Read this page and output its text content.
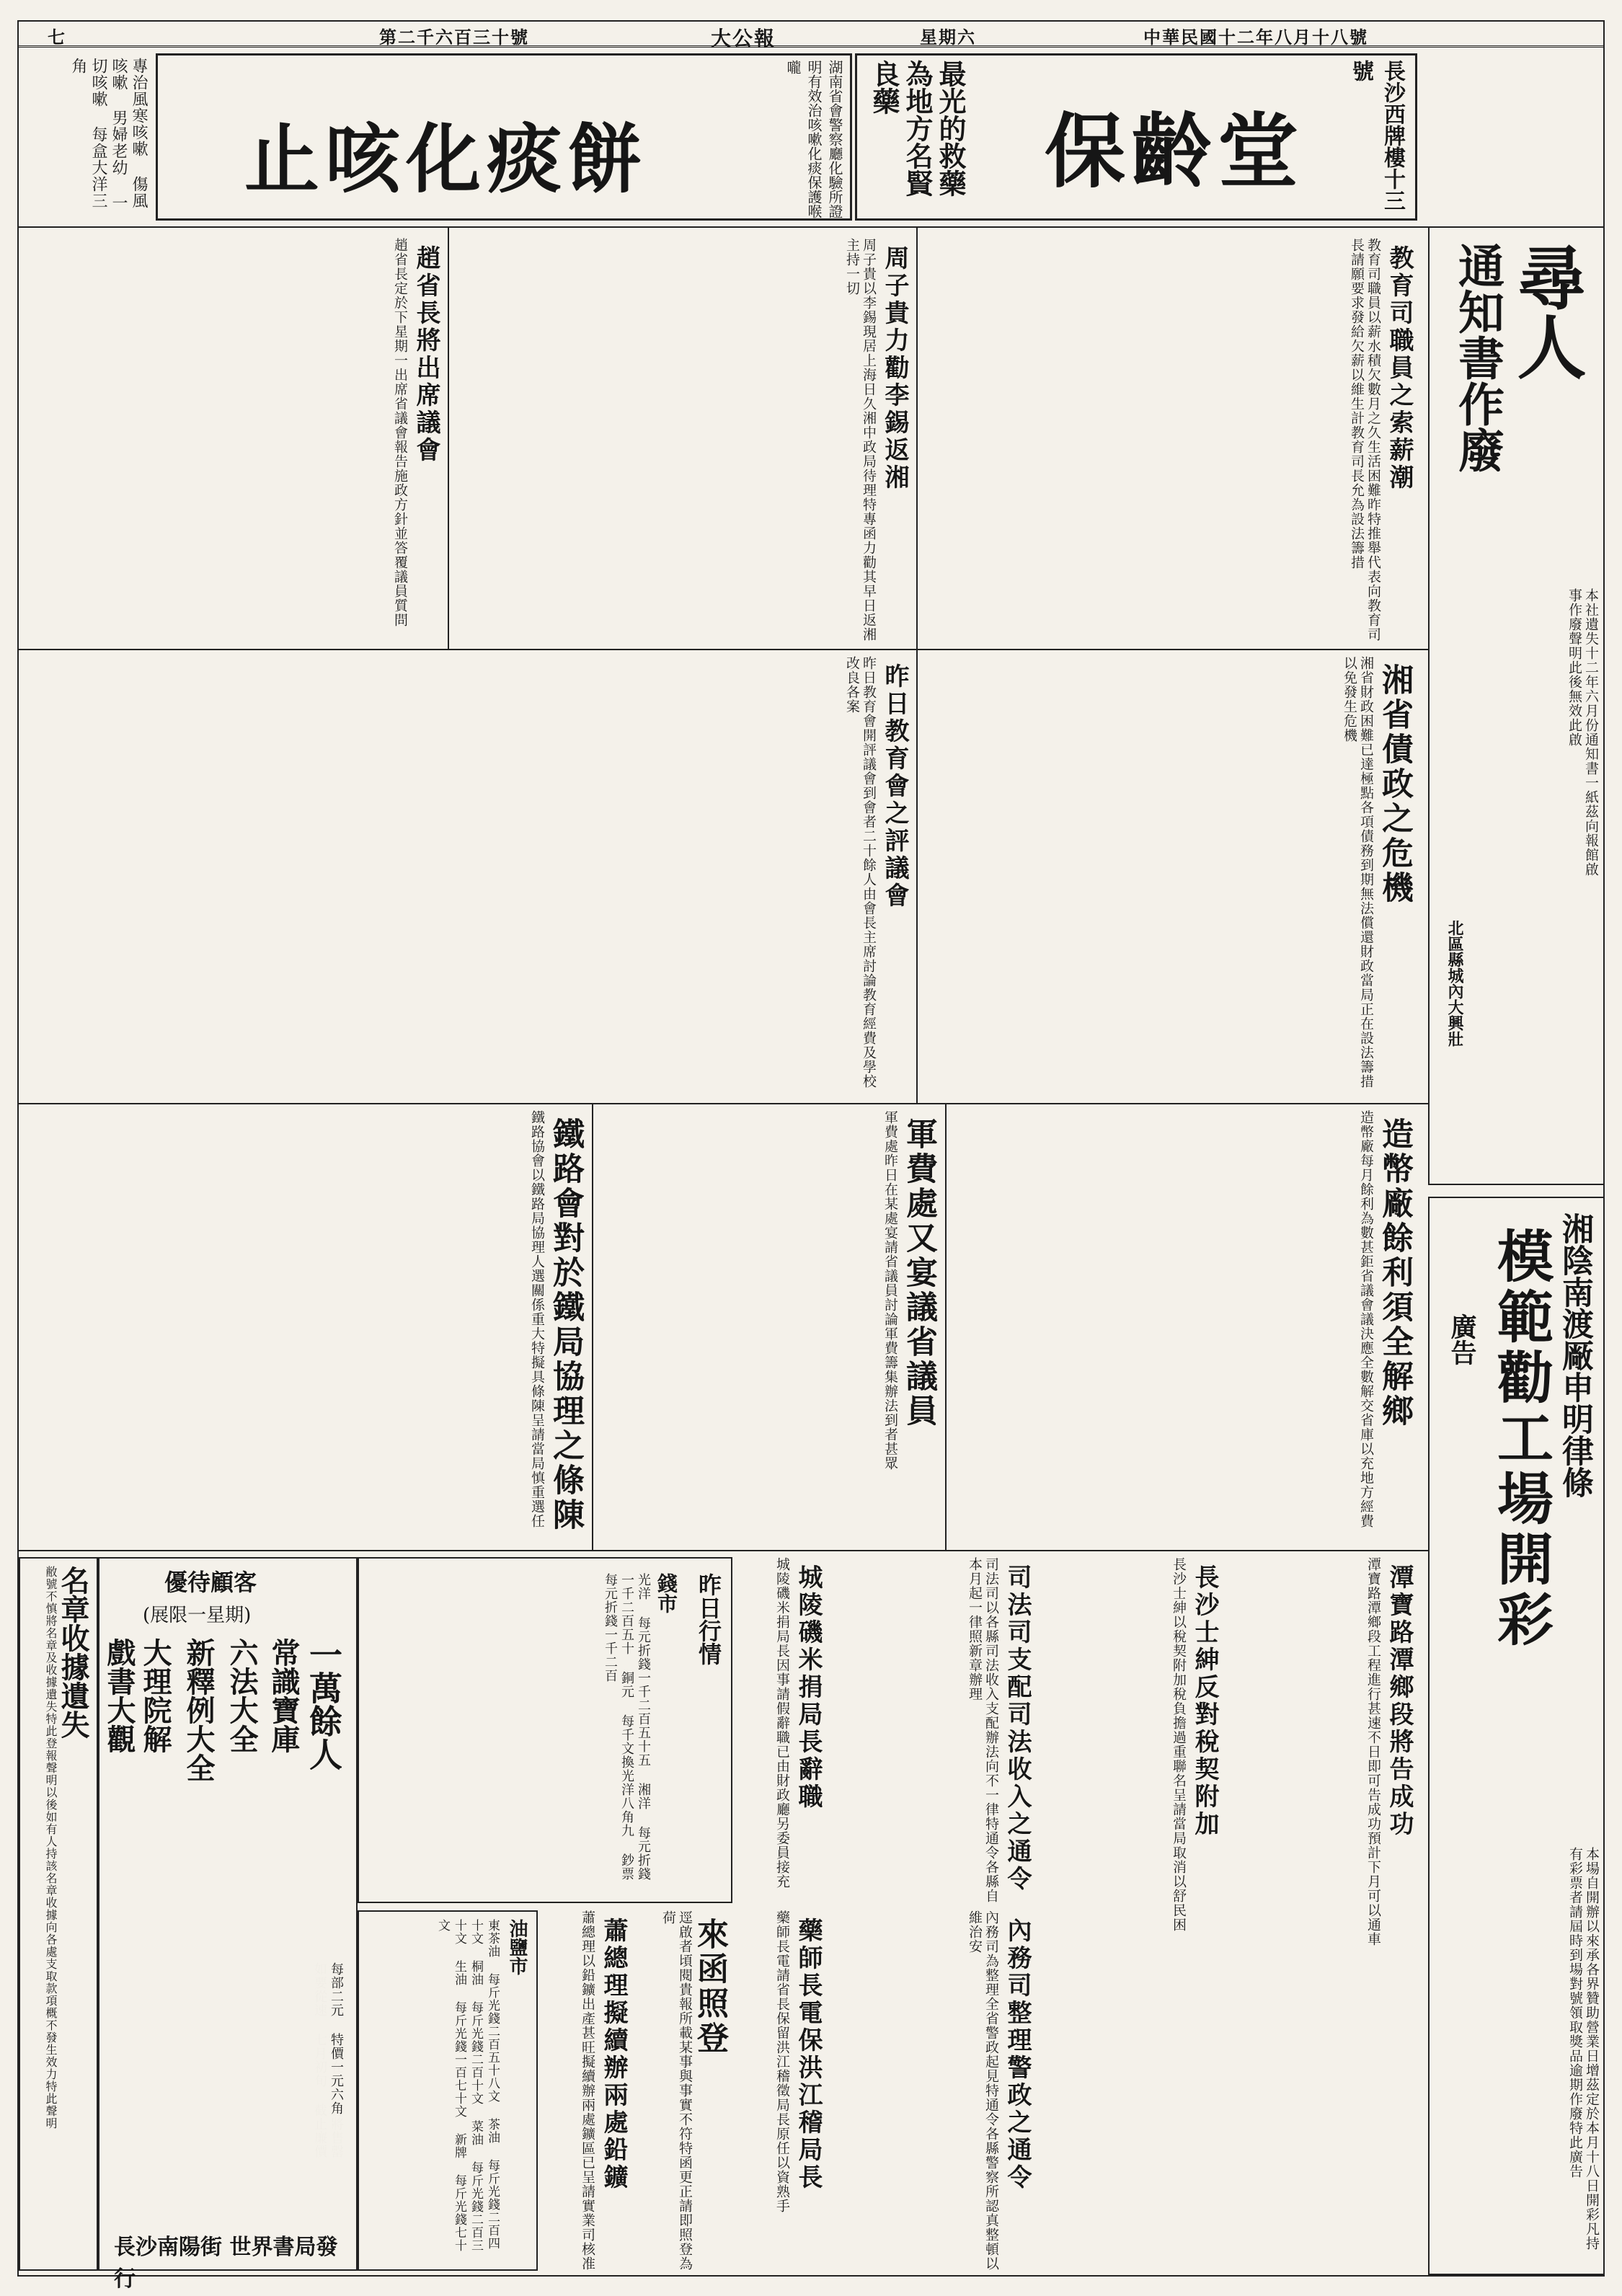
中華民國十二年八月十八號
星期六
大公報
第二千六百三十號
七
長沙西牌樓十三號
保齡堂
最光的救藥 為地方名賢良藥
湖南省會警察廳化驗所證明有效治咳嗽化痰保護喉嚨
止咳化痰餅
專治風寒咳嗽 傷風咳嗽 男婦老幼 一切咳嗽 每盒大洋三角
尋人
通知書作廢
本社遺失十二年六月份通知書一紙茲向報館啟事作廢聲明此後無效此啟
北區縣城內大興壯
湘陰南渡厰申明律條
模範勸工場開彩
廣告
本場自開辦以來承各界贊助營業日增茲定於本月十八日開彩凡持有彩票者請屆時到場對號領取獎品逾期作廢特此廣告
教育司職員之索薪潮
教育司職員以薪水積欠數月之久生活困難昨特推舉代表向教育司長請願要求發給欠薪以維生計教育司長允為設法籌措
周子貴力勸李錫返湘
周子貴以李錫現居上海日久湘中政局待理特專函力勸其早日返湘主持一切
趙省長將出席議會
趙省長定於下星期一出席省議會報告施政方針並答覆議員質問
湘省債政之危機
湘省財政困難已達極點各項債務到期無法償還財政當局正在設法籌措以免發生危機
昨日教育會之評議會
昨日教育會開評議會到會者二十餘人由會長主席討論教育經費及學校改良各案
造幣廠餘利須全解鄉
造幣廠每月餘利為數甚鉅省議會議決應全數解交省庫以充地方經費
軍費處又宴議省議員
軍費處昨日在某處宴請省議員討論軍費籌集辦法到者甚眾
鐵路會對於鐵局協理之條陳
鐵路協會以鐵路局協理人選關係重大特擬具條陳呈請當局慎重選任
潭寶路潭鄉段將告成功
潭寶路潭鄉段工程進行甚速不日即可告成功預計下月可以通車
長沙士紳反對稅契附加
長沙士紳以稅契附加稅負擔過重聯名呈請當局取消以舒民困
司法司支配司法收入之通令
司法司以各縣司法收入支配辦法向不一律特通令各縣自本月起一律照新章辦理
內務司整理警政之通令
內務司為整理全省警政起見特通令各縣警察所認真整頓以維治安
城陵磯米捐局長辭職
城陵磯米捐局長因事請假辭職已由財政廳另委員接充
藥師長電保洪江稽局長
藥師長電請省長保留洪江稽徵局長原任以資熟手
來函照登
逕啟者頃閱貴報所載某事與事實不符特函更正請即照登為荷
蕭總理擬續辦兩處鉛鑛
蕭總理以鉛鑛出產甚旺擬續辦兩處鑛區已呈請實業司核准
昨日行情
錢市
光洋 每元折錢一千二百五十五 湘洋 每元折錢一千二百五十 銅元 每千文換光洋八角九 鈔票 每元折錢一千二百
油鹽市
東茶油 每斤光錢二百五十八文 茶油 每斤光錢二百四十文 桐油 每斤光錢二百十文 菜油 每斤光錢二百三十文 生油 每斤光錢一百七十文 新牌 每斤光錢七十文
優待顧客
(展限一星期)
一萬餘人
常識寶庫
六法大全
新釋例大全
大理院解
戲書大觀
每部二元 特價一元六角
長沙南陽街 世界書局發行
名章收據遺失
敝號不慎將名章及收據遺失特此登報聲明以後如有人持該名章收據向各處支取款項概不發生效力特此聲明
